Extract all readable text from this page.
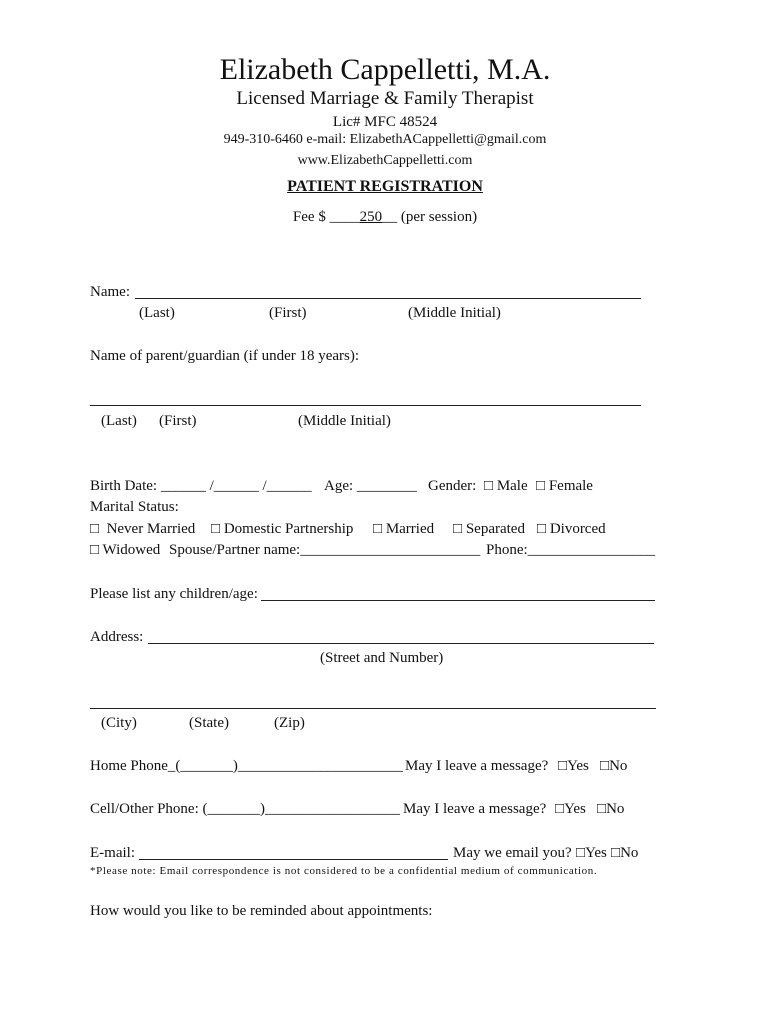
Elizabeth Cappelletti, M.A.
Licensed Marriage & Family Therapist
Lic# MFC 48524
949-310-6460 e-mail: ElizabethACappelletti@gmail.com
www.ElizabethCappelletti.com
PATIENT REGISTRATION
Fee $ ____250__ (per session)
Name:
(Last)	(First)	(Middle Initial)
Name of parent/guardian (if under 18 years):
(Last) (First)	(Middle Initial)
Birth Date: ______ /______ /______ Age: ________ Gender: □ Male □ Female
Marital Status:
□ Never Married □ Domestic Partnership □ Married □ Separated □ Divorced
□ Widowed Spouse/Partner name:________________________ Phone:_________________
Please list any children/age:
Address:
(Street and Number)
(City)	(State)	(Zip)
Home Phone_(_______)______________________ May I leave a message? □Yes □No
Cell/Other Phone: (_______)__________________ May I leave a message? □Yes □No
E-mail:	May we email you? □Yes □No
*Please note: Email correspondence is not considered to be a confidential medium of communication.
How would you like to be reminded about appointments:
